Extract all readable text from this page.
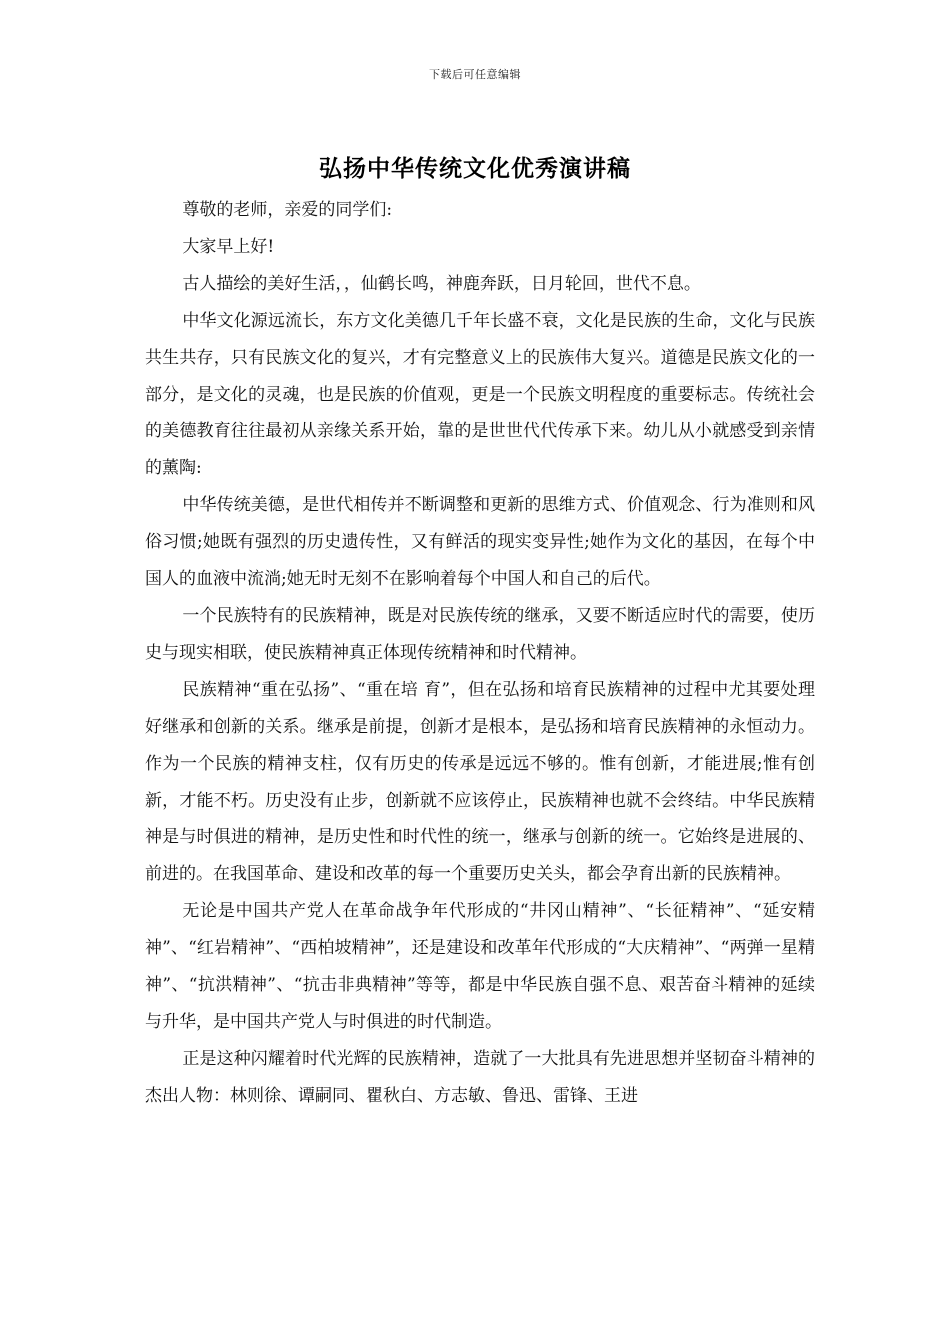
下载后可任意编辑
弘扬中华传统文化优秀演讲稿

尊敬的老师，亲爱的同学们:

大家早上好!

古人描绘的美好生活，，仙鹤长鸣，神鹿奔跃，日月轮回，世代不息。

中华文化源远流长，东方文化美德几千年长盛不衰，文化是民族的生命，文化与民族共生共存，只有民族文化的复兴，才有完整意义上的民族伟大复兴。道德是民族文化的一部分，是文化的灵魂，也是民族的价值观，更是一个民族文明程度的重要标志。传统社会的美德教育往往最初从亲缘关系开始，靠的是世世代代传承下来。幼儿从小就感受到亲情的薰陶:

中华传统美德，是世代相传并不断调整和更新的思维方式、价值观念、行为准则和风俗习惯;她既有强烈的历史遗传性，又有鲜活的现实变异性;她作为文化的基因，在每个中国人的血液中流淌;她无时无刻不在影响着每个中国人和自己的后代。

一个民族特有的民族精神，既是对民族传统的继承，又要不断适应时代的需要，使历史与现实相联，使民族精神真正体现传统精神和时代精神。

民族精神“重在弘扬”、“重在培 育”，但在弘扬和培育民族精神的过程中尤其要处理好继承和创新的关系。继承是前提，创新才是根本，是弘扬和培育民族精神的永恒动力。作为一个民族的精神支柱，仅有历史的传承是远远不够的。惟有创新，才能进展;惟有创新，才能不朽。历史没有止步，创新就不应该停止，民族精神也就不会终结。中华民族精神是与时俱进的精神，是历史性和时代性的统一，继承与创新的统一。它始终是进展的、前进的。在我国革命、建设和改革的每一个重要历史关头，都会孕育出新的民族精神。

无论是中国共产党人在革命战争年代形成的“井冈山精神”、“长征精神”、“延安精神”、“红岩精神”、“西柏坡精神”，还是建设和改革年代形成的“大庆精神”、“两弹一星精神”、“抗洪精神”、“抗击非典精神”等等，都是中华民族自强不息、艰苦奋斗精神的延续与升华，是中国共产党人与时俱进的时代制造。

正是这种闪耀着时代光辉的民族精神，造就了一大批具有先进思想并坚韧奋斗精神的杰出人物：林则徐、谭嗣同、瞿秋白、方志敏、鲁迅、雷锋、王进
